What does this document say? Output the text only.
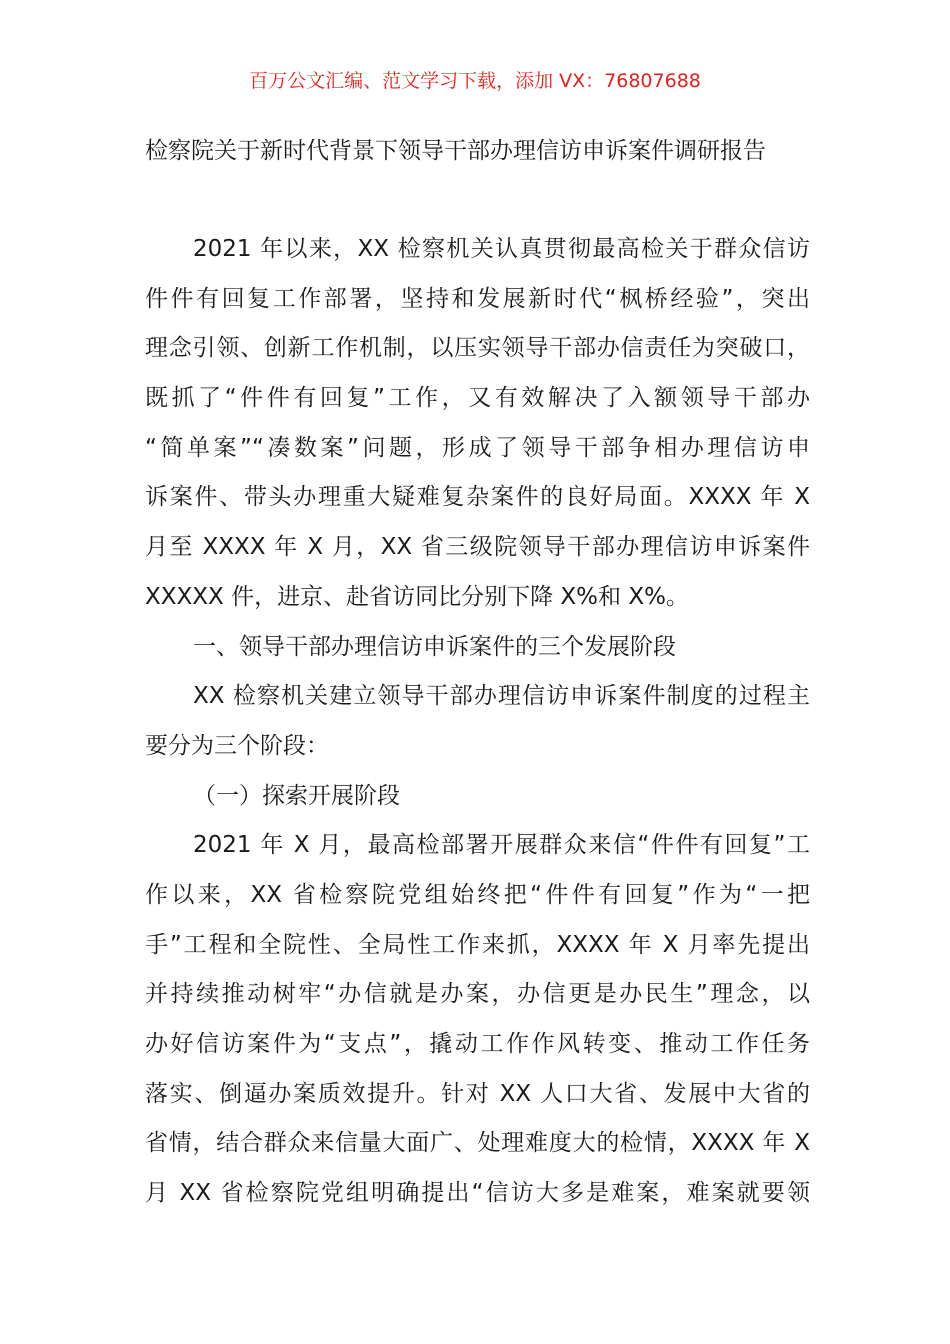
百万公文汇编、范文学习下载，添加 VX：76807688
检察院关于新时代背景下领导干部办理信访申诉案件调研报告
2021 年以来，XX 检察机关认真贯彻最高检关于群众信访
件件有回复工作部署，坚持和发展新时代“枫桥经验”，突出
理念引领、创新工作机制，以压实领导干部办信责任为突破口，
既抓了“件件有回复”工作，又有效解决了入额领导干部办
“简单案”“凑数案”问题，形成了领导干部争相办理信访申
诉案件、带头办理重大疑难复杂案件的良好局面。XXXX 年 X
月至 XXXX 年 X 月，XX 省三级院领导干部办理信访申诉案件
XXXXX 件，进京、赴省访同比分别下降 X%和 X%。
一、领导干部办理信访申诉案件的三个发展阶段
XX 检察机关建立领导干部办理信访申诉案件制度的过程主
要分为三个阶段：
（一）探索开展阶段
2021 年 X 月，最高检部署开展群众来信“件件有回复”工
作以来，XX 省检察院党组始终把“件件有回复”作为“一把
手”工程和全院性、全局性工作来抓，XXXX 年 X 月率先提出
并持续推动树牢“办信就是办案，办信更是办民生”理念，以
办好信访案件为“支点”，撬动工作作风转变、推动工作任务
落实、倒逼办案质效提升。针对 XX 人口大省、发展中大省的
省情，结合群众来信量大面广、处理难度大的检情，XXXX 年 X
月 XX 省检察院党组明确提出“信访大多是难案，难案就要领
